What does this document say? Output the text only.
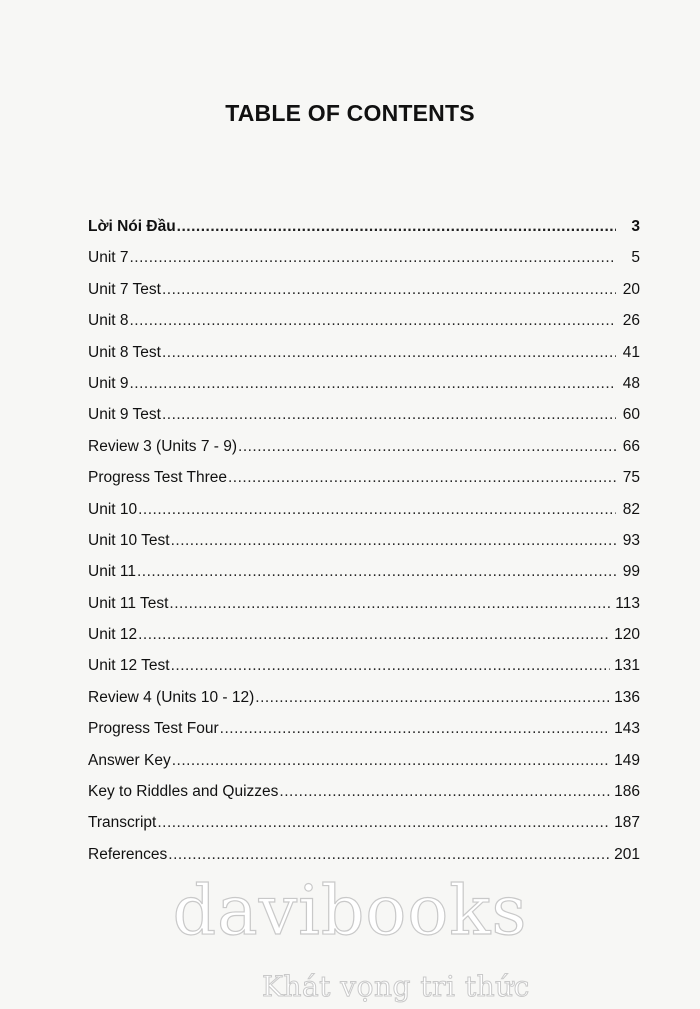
TABLE OF CONTENTS
Lời Nói Đầu .....	3
Unit 7 .....	5
Unit 7 Test .....	20
Unit 8 .....	26
Unit 8 Test .....	41
Unit 9 .....	48
Unit 9 Test .....	60
Review 3 (Units 7 - 9) .....	66
Progress Test Three .....	75
Unit 10 .....	82
Unit 10 Test .....	93
Unit 11 .....	99
Unit 11 Test .....	113
Unit 12 .....	120
Unit 12 Test .....	131
Review 4 (Units 10 - 12) .....	136
Progress Test Four .....	143
Answer Key .....	149
Key to Riddles and Quizzes .....	186
Transcript .....	187
References .....	201
davibooks
Khát vọng tri thức
